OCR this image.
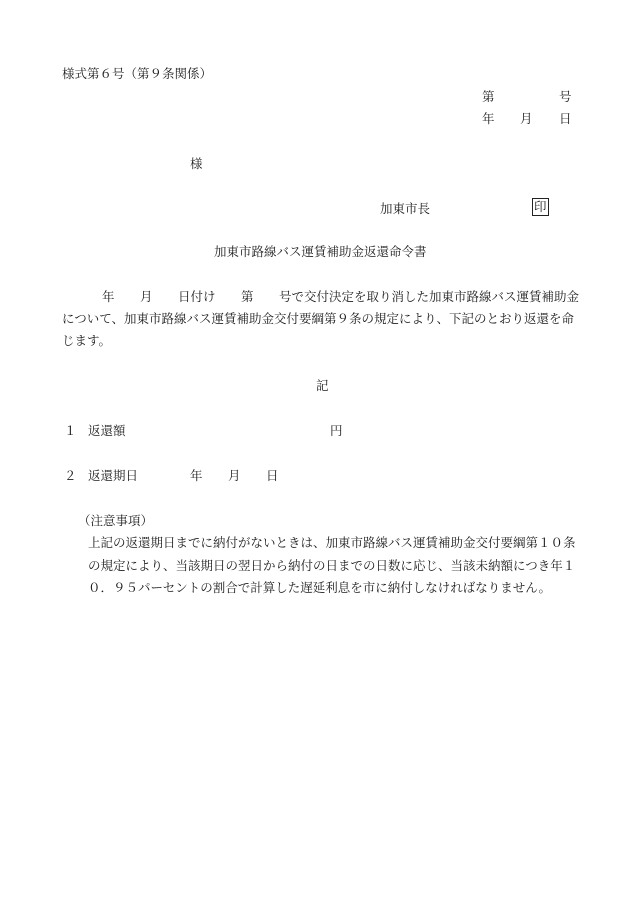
様式第６号（第９条関係）
第	号
年 月 日
様
加東市長	印
加東市路線バス運賃補助金返還命令書
年 月 日付け 第 号で交付決定を取り消した加東市路線バス運賃補助金
について、加東市路線バス運賃補助金交付要綱第９条の規定により、下記のとおり返還を命
じます。
記
１ 返還額	円
２ 返還期日	年 月 日
（注意事項）
上記の返還期日までに納付がないときは、加東市路線バス運賃補助金交付要綱第１０条
の規定により、当該期日の翌日から納付の日までの日数に応じ、当該未納額につき年１
０．９５パーセントの割合で計算した遅延利息を市に納付しなければなりません。
